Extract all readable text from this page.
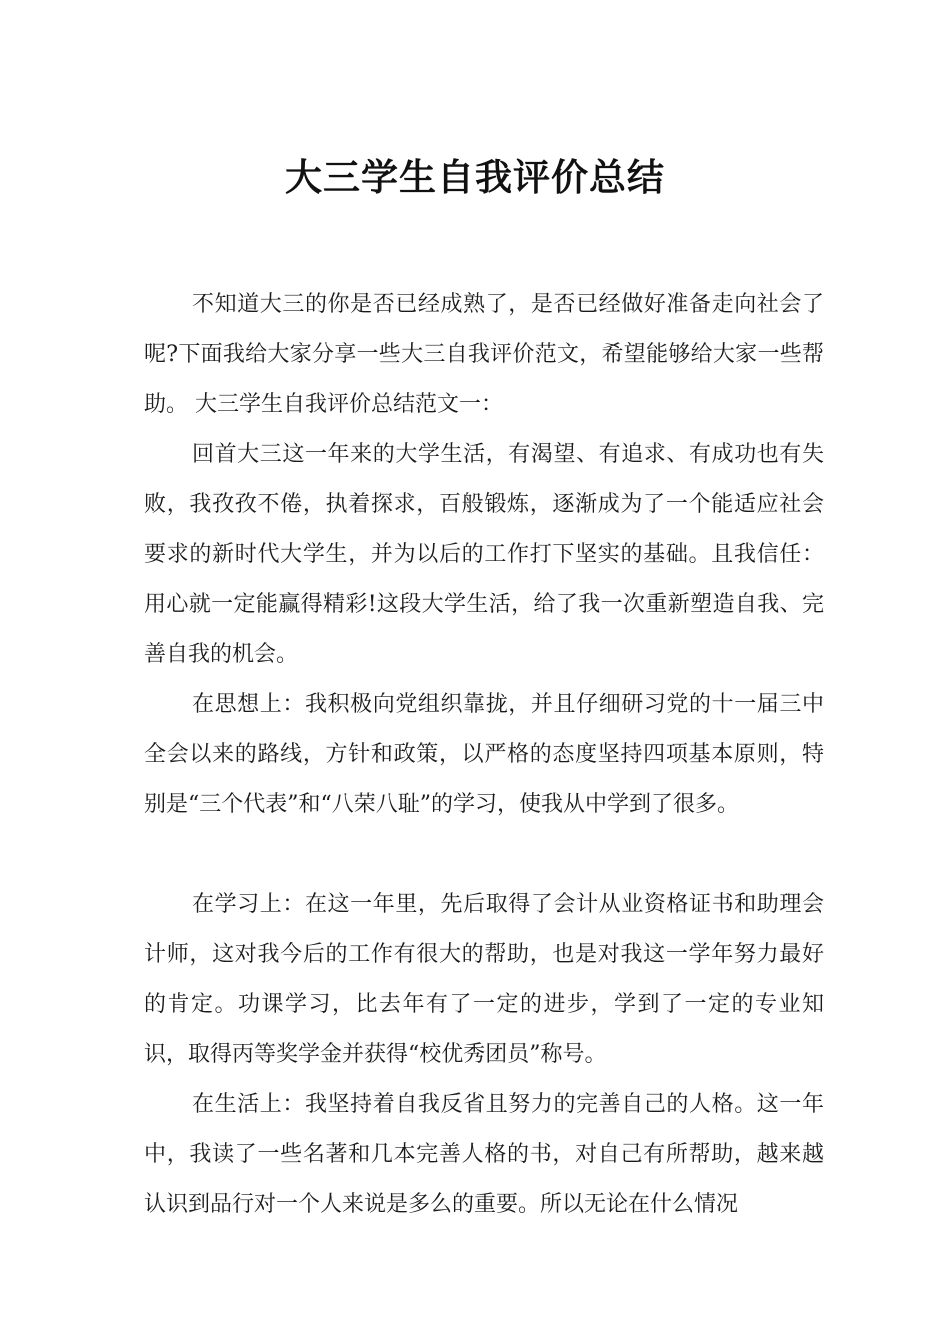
大三学生自我评价总结

不知道大三的你是否已经成熟了，是否已经做好准备走向社会了呢?下面我给大家分享一些大三自我评价范文，希望能够给大家一些帮助。 大三学生自我评价总结范文一：

回首大三这一年来的大学生活，有渴望、有追求、有成功也有失败，我孜孜不倦，执着探求，百般锻炼，逐渐成为了一个能适应社会要求的新时代大学生，并为以后的工作打下坚实的基础。且我信任：用心就一定能赢得精彩!这段大学生活，给了我一次重新塑造自我、完善自我的机会。

在思想上：我积极向党组织靠拢，并且仔细研习党的十一届三中全会以来的路线，方针和政策，以严格的态度坚持四项基本原则，特别是“三个代表”和“八荣八耻”的学习，使我从中学到了很多。

在学习上：在这一年里，先后取得了会计从业资格证书和助理会计师，这对我今后的工作有很大的帮助，也是对我这一学年努力最好的肯定。功课学习，比去年有了一定的进步，学到了一定的专业知识，取得丙等奖学金并获得“校优秀团员”称号。

在生活上：我坚持着自我反省且努力的完善自己的人格。这一年中，我读了一些名著和几本完善人格的书，对自己有所帮助，越来越认识到品行对一个人来说是多么的重要。所以无论在什么情况
